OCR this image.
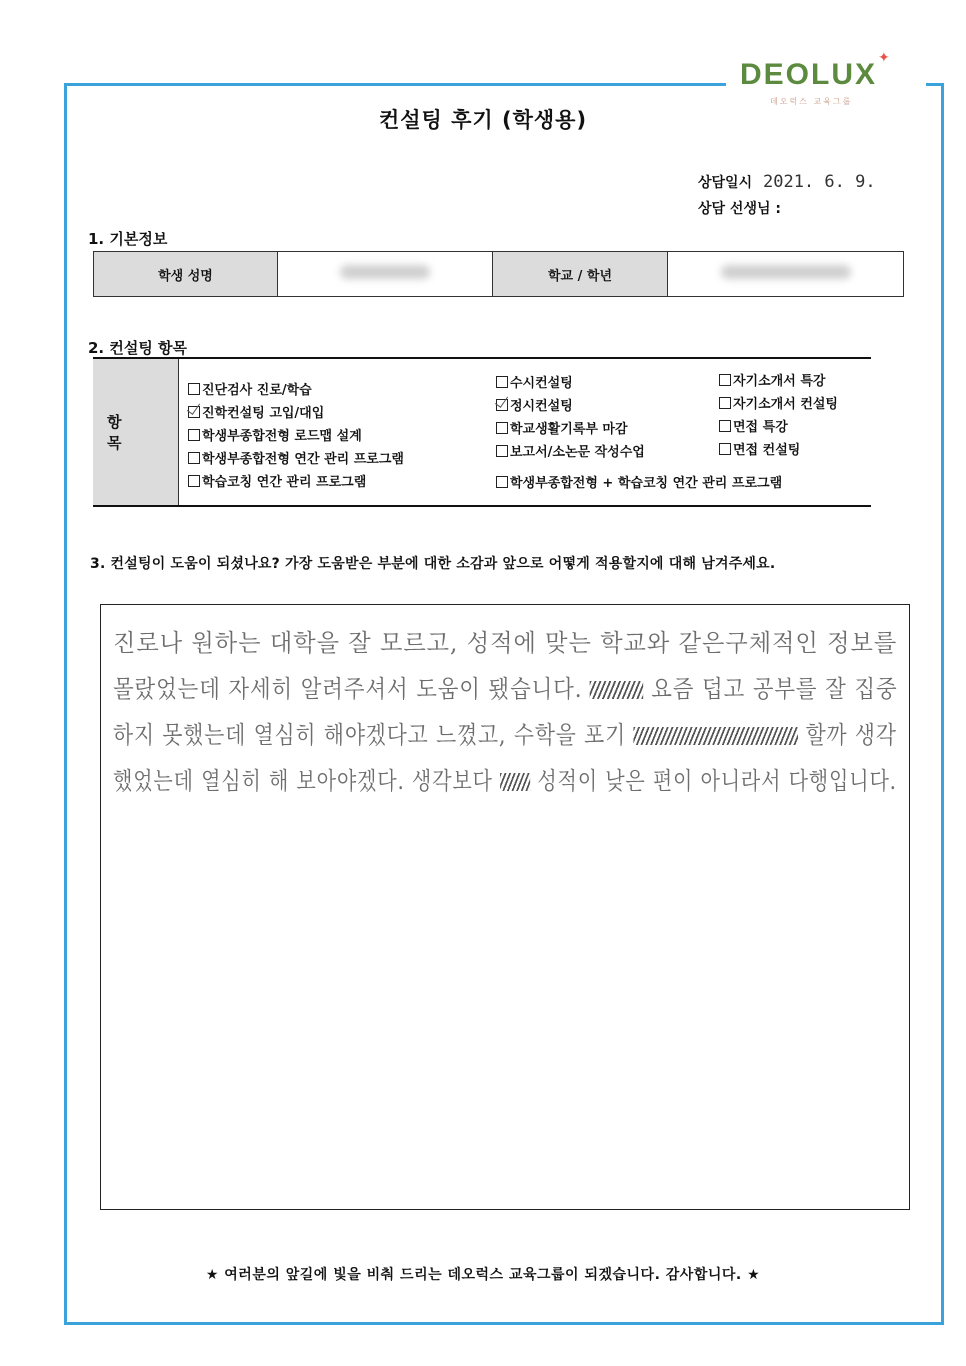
DEOLUX ✦
데오럭스 교육그룹
컨설팅 후기 (학생용)
상담일시 2021. 6. 9.
상담 선생님 :
1. 기본정보
학생 성명		학교 / 학년	
2. 컨설팅 항목
항 목
진단검사 진로/학습
진학컨설팅 고입/대입
학생부종합전형 로드맵 설계
학생부종합전형 연간 관리 프로그램
학습코칭 연간 관리 프로그램
수시컨설팅
정시컨설팅
학교생활기록부 마감
보고서/소논문 작성수업
학생부종합전형 + 학습코칭 연간 관리 프로그램
자기소개서 특강
자기소개서 컨설팅
면접 특강
면접 컨설팅
3. 컨설팅이 도움이 되셨나요? 가장 도움받은 부분에 대한 소감과 앞으로 어떻게 적용할지에 대해 남겨주세요.
진로나 원하는 대학을 잘 모르고, 성적에 맞는 학교와 같은구체적인 정보를
몰랐었는데 자세히 알려주셔서 도움이 됐습니다.	요즘 덥고 공부를 잘 집중
하지 못했는데 열심히 해야겠다고 느꼈고, 수학을 포기	할까 생각
했었는데 열심히 해 보아야겠다. 생각보다 성적이 낮은 편이 아니라서 다행입니다.
★ 여러분의 앞길에 빛을 비춰 드리는 데오럭스 교육그룹이 되겠습니다. 감사합니다. ★
